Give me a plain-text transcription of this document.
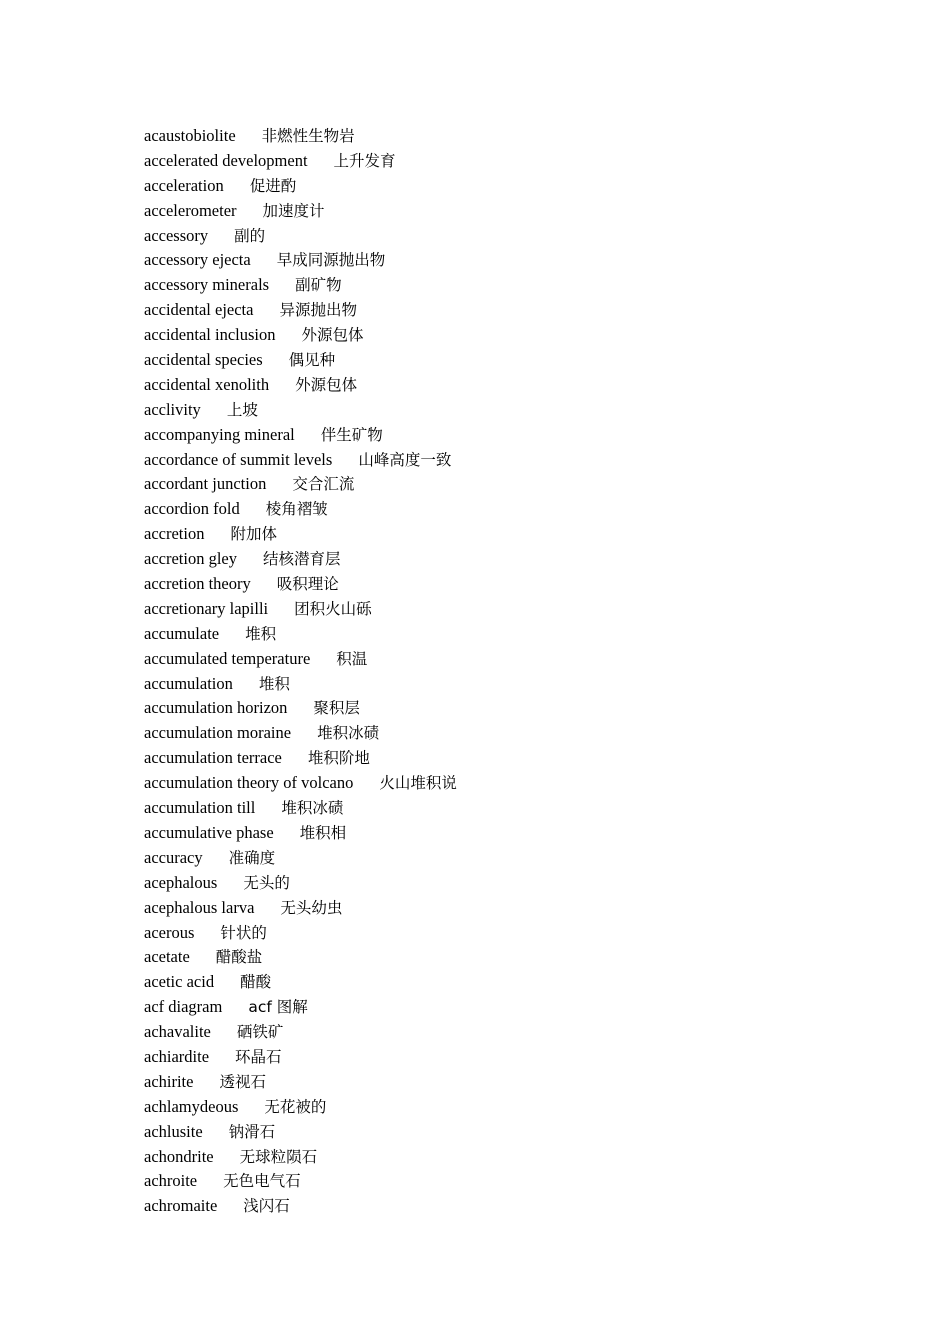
acaustobiolite 非燃性生物岩
accelerated development 上升发育
acceleration 促进酌
accelerometer 加速度计
accessory 副的
accessory ejecta 早成同源抛出物
accessory minerals 副矿物
accidental ejecta 异源抛出物
accidental inclusion 外源包体
accidental species 偶见种
accidental xenolith 外源包体
acclivity 上坡
accompanying mineral 伴生矿物
accordance of summit levels 山峰高度一致
accordant junction 交合汇流
accordion fold 棱角褶皱
accretion 附加体
accretion gley 结核潜育层
accretion theory 吸积理论
accretionary lapilli 团积火山砾
accumulate 堆积
accumulated temperature 积温
accumulation 堆积
accumulation horizon 聚积层
accumulation moraine 堆积冰碛
accumulation terrace 堆积阶地
accumulation theory of volcano 火山堆积说
accumulation till 堆积冰碛
accumulative phase 堆积相
accuracy 准确度
acephalous 无头的
acephalous larva 无头幼虫
acerous 针状的
acetate 醋酸盐
acetic acid 醋酸
acf diagram acf 图解
achavalite 硒铁矿
achiardite 环晶石
achirite 透视石
achlamydeous 无花被的
achlusite 钠滑石
achondrite 无球粒陨石
achroite 无色电气石
achromaite 浅闪石
